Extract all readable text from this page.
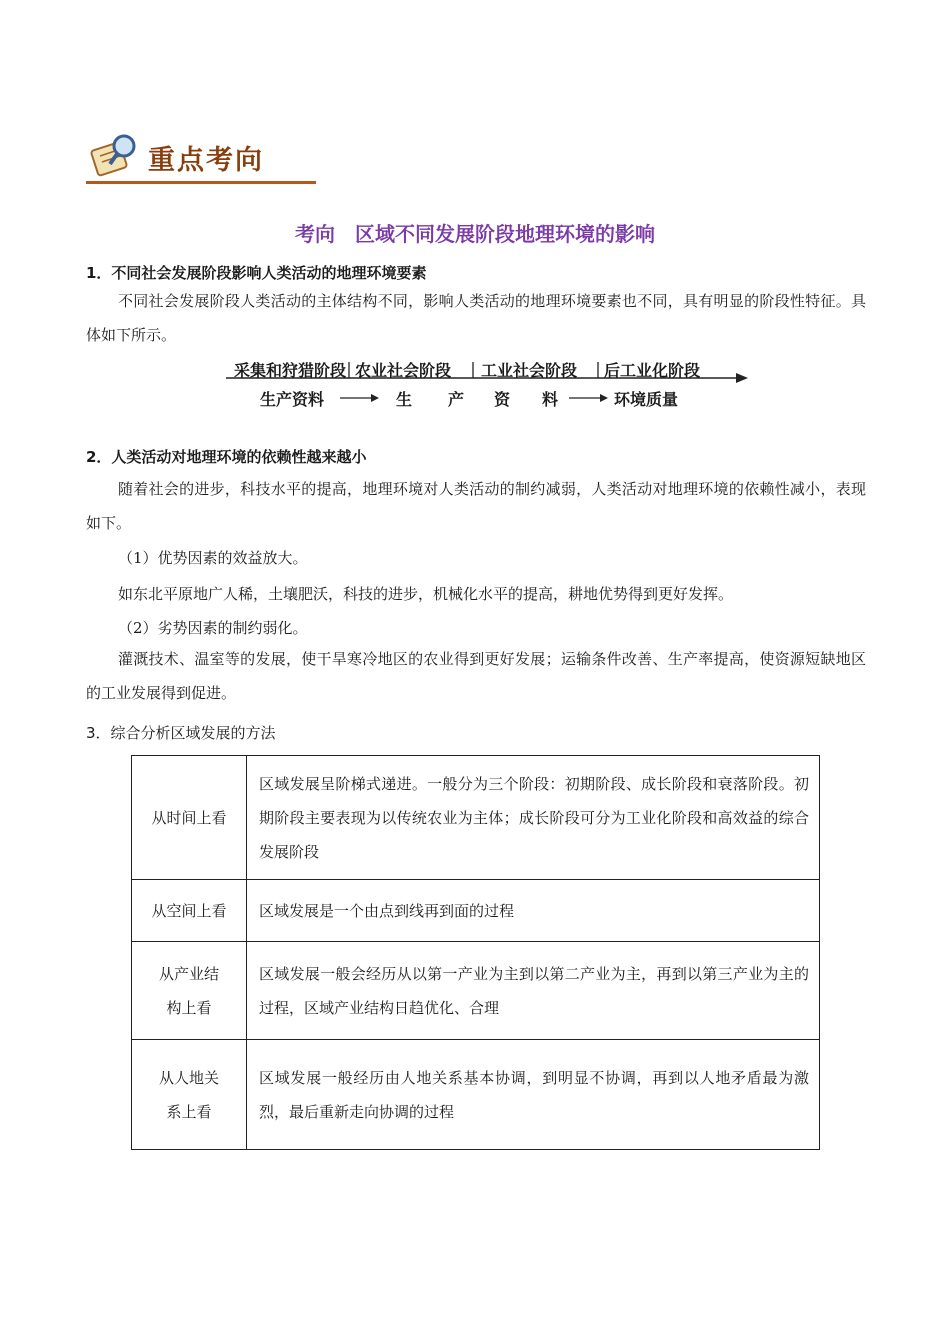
重点考向
考向　区域不同发展阶段地理环境的影响
1．不同社会发展阶段影响人类活动的地理环境要素
不同社会发展阶段人类活动的主体结构不同，影响人类活动的地理环境要素也不同，具有明显的阶段性特征。具体如下所示。
采集和狩猎阶段 农业社会阶段 工业社会阶段 后工业化阶段
生产资料	生 产 资 料	环境质量
2．人类活动对地理环境的依赖性越来越小
随着社会的进步，科技水平的提高，地理环境对人类活动的制约减弱，人类活动对地理环境的依赖性减小，表现如下。
（1）优势因素的效益放大。
如东北平原地广人稀，土壤肥沃，科技的进步，机械化水平的提高，耕地优势得到更好发挥。
（2）劣势因素的制约弱化。
灌溉技术、温室等的发展，使干旱寒冷地区的农业得到更好发展；运输条件改善、生产率提高，使资源短缺地区的工业发展得到促进。
3．综合分析区域发展的方法
从时间上看	区域发展呈阶梯式递进。一般分为三个阶段：初期阶段、成长阶段和衰落阶段。初期阶段主要表现为以传统农业为主体；成长阶段可分为工业化阶段和高效益的综合发展阶段
从空间上看	区域发展是一个由点到线再到面的过程

从产业结构上看	区域发展一般会经历从以第一产业为主到以第二产业为主，再到以第三产业为主的过程，区域产业结构日趋优化、合理

从人地关系上看	区域发展一般经历由人地关系基本协调，到明显不协调，再到以人地矛盾最为激烈，最后重新走向协调的过程
